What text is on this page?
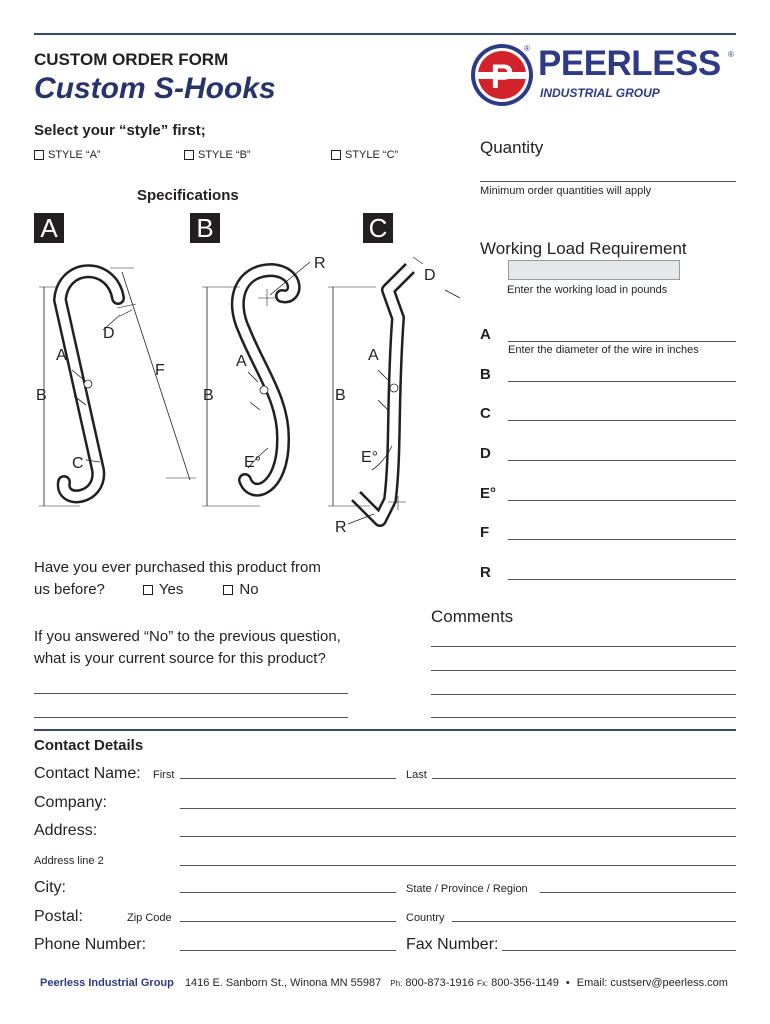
CUSTOM ORDER FORM
Custom S-Hooks	P
® PEERLESS ®
INDUSTRIAL GROUP
Select your “style” first;
STYLE “A”	STYLE “B”	STYLE “C”
Specifications
A	B	C
D
A
F
B
C
R
A
B
E°
D
A
B
E°
R
Quantity
Minimum order quantities will apply
Working Load Requirement
Enter the working load in pounds
A
Enter the diameter of the wire in inches
B
C
D
E°
F
R
Have you ever purchased this product from
us before?	Yes	No
If you answered “No” to the previous question,
what is your current source for this product?
Comments
Contact Details
Contact Name: First	Last
Company:
Address:
Address line 2
City:	State / Province / Region
Postal:	Zip Code	Country
Phone Number:	Fax Number:
Peerless Industrial Group 1416 E. Sanborn St., Winona MN 55987 Ph: 800-873-1916 Fx: 800-356-1149 • Email: custserv@peerless.com
